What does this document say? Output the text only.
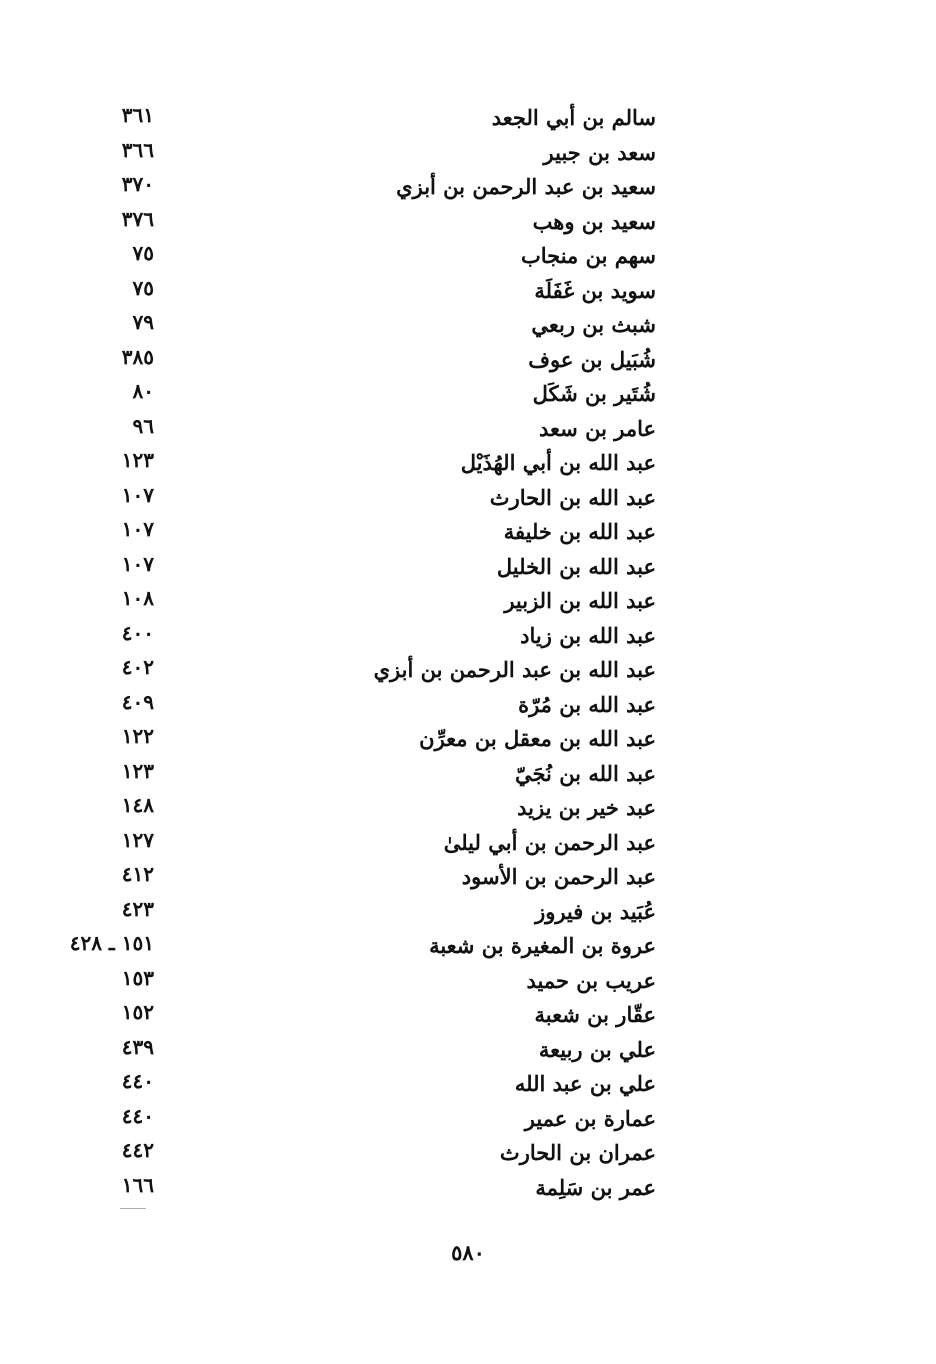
سالم بن أبي الجعد
٣٦١
سعد بن جبير
٣٦٦
سعيد بن عبد الرحمن بن أبزي
٣٧٠
سعيد بن وهب
٣٧٦
سهم بن منجاب
٧٥
سويد بن غَفَلَة
٧٥
شبث بن ربعي
٧٩
شُبَيل بن عوف
٣٨٥
شُتَير بن شَكَل
٨٠
عامر بن سعد
٩٦
عبد الله بن أبي الهُذَيْل
١٢٣
عبد الله بن الحارث
١٠٧
عبد الله بن خليفة
١٠٧
عبد الله بن الخليل
١٠٧
عبد الله بن الزبير
١٠٨
عبد الله بن زياد
٤٠٠
عبد الله بن عبد الرحمن بن أبزي
٤٠٢
عبد الله بن مُرّة
٤٠٩
عبد الله بن معقل بن معرِّن
١٢٢
عبد الله بن نُجَيّ
١٢٣
عبد خير بن يزيد
١٤٨
عبد الرحمن بن أبي ليلىٰ
١٢٧
عبد الرحمن بن الأسود
٤١٢
عُبَيد بن فيروز
٤٢٣
عروة بن المغيرة بن شعبة
١٥١ ـ ٤٢٨
عريب بن حميد
١٥٣
عقّار بن شعبة
١٥٢
علي بن ربيعة
٤٣٩
علي بن عبد الله
٤٤٠
عمارة بن عمير
٤٤٠
عمران بن الحارث
٤٤٢
عمر بن سَلِمة
١٦٦
٥٨٠
